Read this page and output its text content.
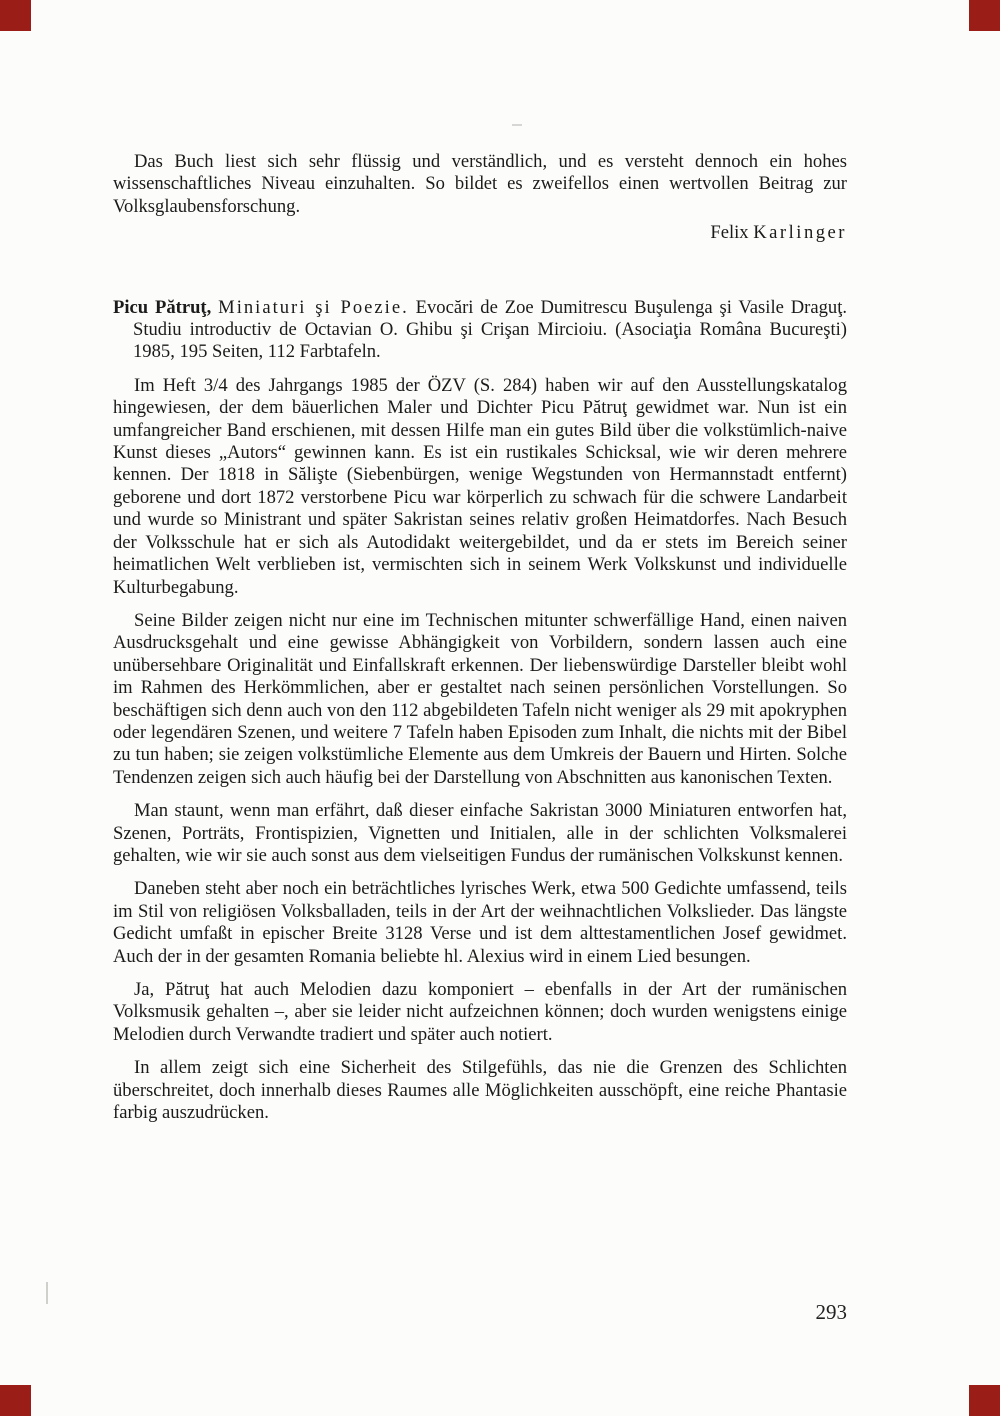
Das Buch liest sich sehr flüssig und verständlich, und es versteht dennoch ein hohes wissenschaftliches Niveau einzuhalten. So bildet es zweifellos einen wertvollen Beitrag zur Volksglaubensforschung.

Felix Karlinger

Picu Pătruţ, Miniaturi şi Poezie. Evocări de Zoe Dumitrescu Buşulenga şi Vasile Draguţ. Studiu introductiv de Octavian O. Ghibu şi Crişan Mircioiu. (Asociaţia Româna Bucureşti) 1985, 195 Seiten, 112 Farbtafeln.

Im Heft 3/4 des Jahrgangs 1985 der ÖZV (S. 284) haben wir auf den Ausstellungskatalog hingewiesen, der dem bäuerlichen Maler und Dichter Picu Pătruţ gewidmet war. Nun ist ein umfangreicher Band erschienen, mit dessen Hilfe man ein gutes Bild über die volkstümlich-naive Kunst dieses „Autors“ gewinnen kann. Es ist ein rustikales Schicksal, wie wir deren mehrere kennen. Der 1818 in Sălişte (Siebenbürgen, wenige Wegstunden von Hermannstadt entfernt) geborene und dort 1872 verstorbene Picu war körperlich zu schwach für die schwere Landarbeit und wurde so Ministrant und später Sakristan seines relativ großen Heimatdorfes. Nach Besuch der Volksschule hat er sich als Autodidakt weitergebildet, und da er stets im Bereich seiner heimatlichen Welt verblieben ist, vermischten sich in seinem Werk Volkskunst und individuelle Kulturbegabung.

Seine Bilder zeigen nicht nur eine im Technischen mitunter schwerfällige Hand, einen naiven Ausdrucksgehalt und eine gewisse Abhängigkeit von Vorbildern, sondern lassen auch eine unübersehbare Originalität und Einfallskraft erkennen. Der liebenswürdige Darsteller bleibt wohl im Rahmen des Herkömmlichen, aber er gestaltet nach seinen persönlichen Vorstellungen. So beschäftigen sich denn auch von den 112 abgebildeten Tafeln nicht weniger als 29 mit apokryphen oder legendären Szenen, und weitere 7 Tafeln haben Episoden zum Inhalt, die nichts mit der Bibel zu tun haben; sie zeigen volkstümliche Elemente aus dem Umkreis der Bauern und Hirten. Solche Tendenzen zeigen sich auch häufig bei der Darstellung von Abschnitten aus kanonischen Texten.

Man staunt, wenn man erfährt, daß dieser einfache Sakristan 3000 Miniaturen entworfen hat, Szenen, Porträts, Frontispizien, Vignetten und Initialen, alle in der schlichten Volksmalerei gehalten, wie wir sie auch sonst aus dem vielseitigen Fundus der rumänischen Volkskunst kennen.

Daneben steht aber noch ein beträchtliches lyrisches Werk, etwa 500 Gedichte umfassend, teils im Stil von religiösen Volksballaden, teils in der Art der weihnachtlichen Volkslieder. Das längste Gedicht umfaßt in epischer Breite 3128 Verse und ist dem alttestamentlichen Josef gewidmet. Auch der in der gesamten Romania beliebte hl. Alexius wird in einem Lied besungen.

Ja, Pătruţ hat auch Melodien dazu komponiert – ebenfalls in der Art der rumänischen Volksmusik gehalten –, aber sie leider nicht aufzeichnen können; doch wurden wenigstens einige Melodien durch Verwandte tradiert und später auch notiert.

In allem zeigt sich eine Sicherheit des Stilgefühls, das nie die Grenzen des Schlichten überschreitet, doch innerhalb dieses Raumes alle Möglichkeiten ausschöpft, eine reiche Phantasie farbig auszudrücken.

293
